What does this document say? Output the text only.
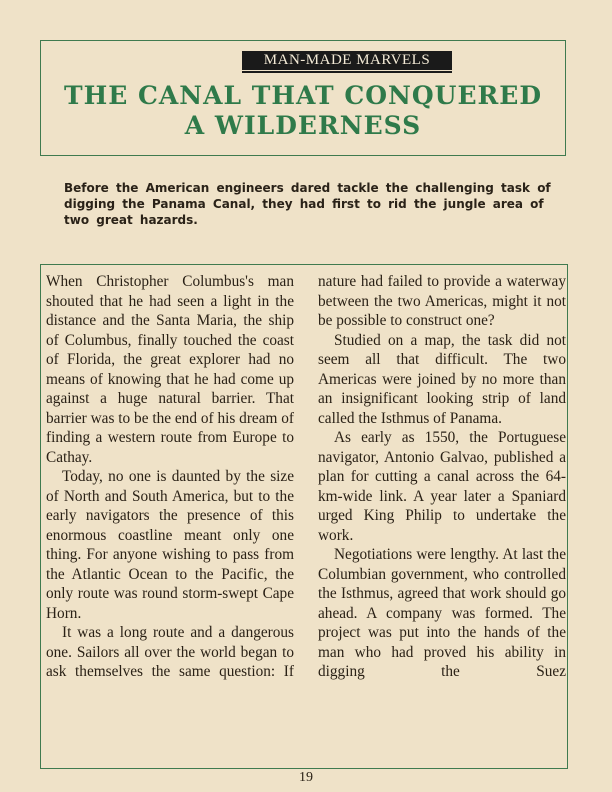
MAN-MADE MARVELS
THE CANAL THAT CONQUERED
A WILDERNESS
Before the American engineers dared tackle the challenging task of digging the Panama Canal, they had first to rid the jungle area of two great hazards.

When Christopher Columbus's man shouted that he had seen a light in the distance and the Santa Maria, the ship of Columbus, finally touched the coast of Florida, the great explorer had no means of knowing that he had come up against a huge natural barrier. That barrier was to be the end of his dream of finding a western route from Europe to Cathay.

Today, no one is daunted by the size of North and South America, but to the early navigators the presence of this enormous coastline meant only one thing. For anyone wishing to pass from the Atlantic Ocean to the Pacific, the only route was round storm-swept Cape Horn.

It was a long route and a dangerous one. Sailors all over the world began to ask themselves the same question: If

nature had failed to provide a waterway between the two Americas, might it not be possible to construct one?

Studied on a map, the task did not seem all that difficult. The two Americas were joined by no more than an insignificant looking strip of land called the Isthmus of Panama.

As early as 1550, the Portuguese navigator, Antonio Galvao, published a plan for cutting a canal across the 64-km-wide link. A year later a Spaniard urged King Philip to undertake the work.

Negotiations were lengthy. At last the Columbian government, who controlled the Isthmus, agreed that work should go ahead. A company was formed. The project was put into the hands of the man who had proved his ability in digging the Suez

19
